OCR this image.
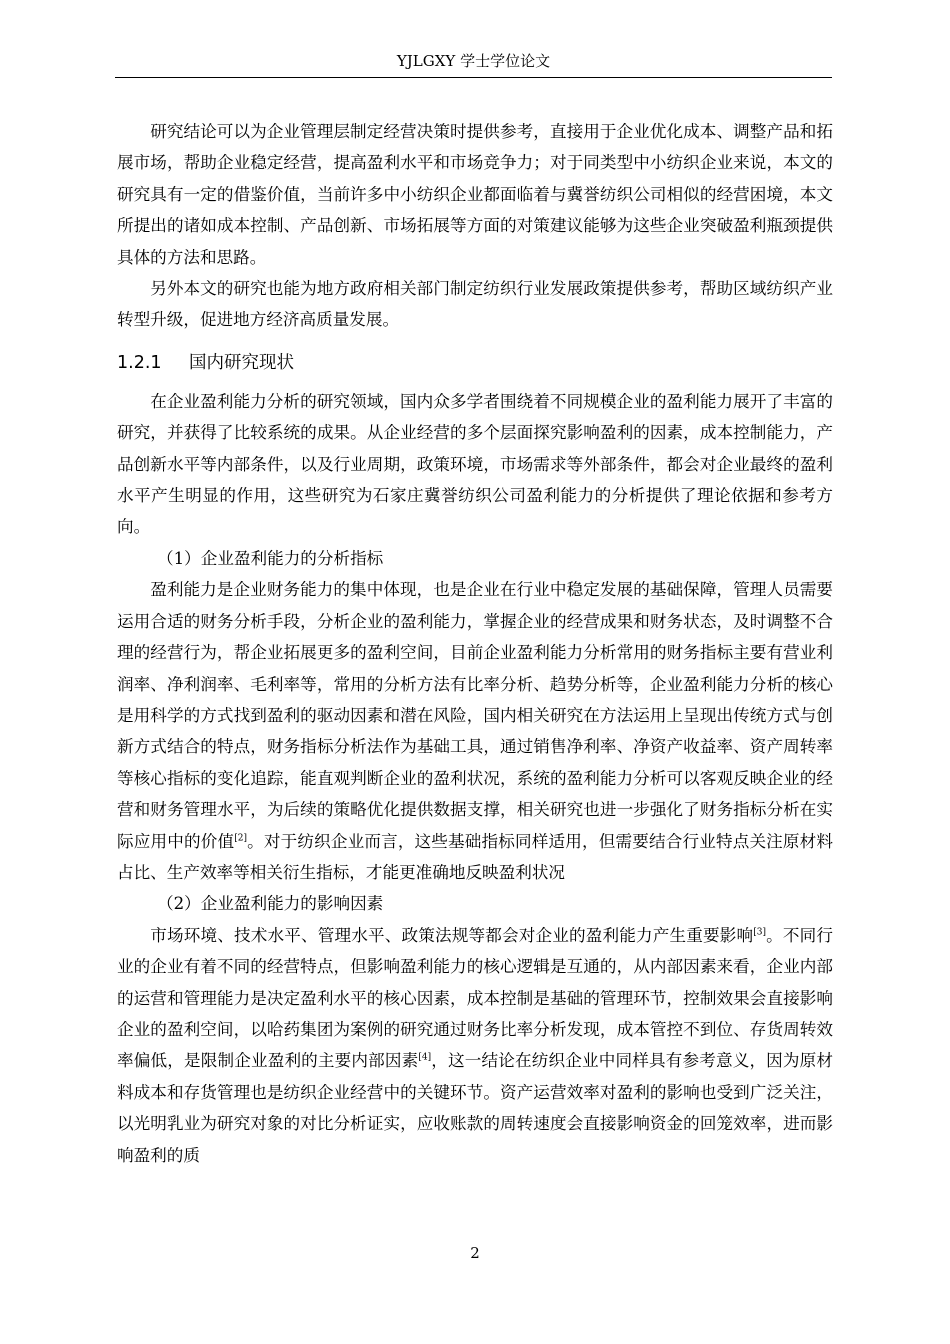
YJLGXY 学士学位论文

研究结论可以为企业管理层制定经营决策时提供参考，直接用于企业优化成本、调整产品和拓展市场，帮助企业稳定经营，提高盈利水平和市场竞争力；对于同类型中小纺织企业来说，本文的研究具有一定的借鉴价值，当前许多中小纺织企业都面临着与冀誉纺织公司相似的经营困境，本文所提出的诸如成本控制、产品创新、市场拓展等方面的对策建议能够为这些企业突破盈利瓶颈提供具体的方法和思路。

另外本文的研究也能为地方政府相关部门制定纺织行业发展政策提供参考，帮助区域纺织产业转型升级，促进地方经济高质量发展。

1.2.1 国内研究现状

在企业盈利能力分析的研究领域，国内众多学者围绕着不同规模企业的盈利能力展开了丰富的研究，并获得了比较系统的成果。从企业经营的多个层面探究影响盈利的因素，成本控制能力，产品创新水平等内部条件，以及行业周期，政策环境，市场需求等外部条件，都会对企业最终的盈利水平产生明显的作用，这些研究为石家庄冀誉纺织公司盈利能力的分析提供了理论依据和参考方向。

（1）企业盈利能力的分析指标

盈利能力是企业财务能力的集中体现，也是企业在行业中稳定发展的基础保障，管理人员需要运用合适的财务分析手段，分析企业的盈利能力，掌握企业的经营成果和财务状态，及时调整不合理的经营行为，帮企业拓展更多的盈利空间，目前企业盈利能力分析常用的财务指标主要有营业利润率、净利润率、毛利率等，常用的分析方法有比率分析、趋势分析等，企业盈利能力分析的核心是用科学的方式找到盈利的驱动因素和潜在风险，国内相关研究在方法运用上呈现出传统方式与创新方式结合的特点，财务指标分析法作为基础工具，通过销售净利率、净资产收益率、资产周转率等核心指标的变化追踪，能直观判断企业的盈利状况，系统的盈利能力分析可以客观反映企业的经营和财务管理水平，为后续的策略优化提供数据支撑，相关研究也进一步强化了财务指标分析在实际应用中的价值[2]。对于纺织企业而言，这些基础指标同样适用，但需要结合行业特点关注原材料占比、生产效率等相关衍生指标，才能更准确地反映盈利状况

（2）企业盈利能力的影响因素

市场环境、技术水平、管理水平、政策法规等都会对企业的盈利能力产生重要影响[3]。不同行业的企业有着不同的经营特点，但影响盈利能力的核心逻辑是互通的，从内部因素来看，企业内部的运营和管理能力是决定盈利水平的核心因素，成本控制是基础的管理环节，控制效果会直接影响企业的盈利空间，以哈药集团为案例的研究通过财务比率分析发现，成本管控不到位、存货周转效率偏低，是限制企业盈利的主要内部因素[4]，这一结论在纺织企业中同样具有参考意义，因为原材料成本和存货管理也是纺织企业经营中的关键环节。资产运营效率对盈利的影响也受到广泛关注，以光明乳业为研究对象的对比分析证实，应收账款的周转速度会直接影响资金的回笼效率，进而影响盈利的质

2
